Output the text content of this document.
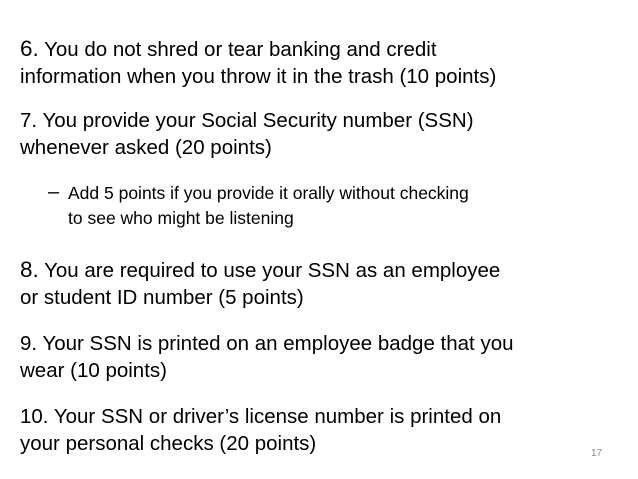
6. You do not shred or tear banking and credit
information when you throw it in the trash (10 points)
7. You provide your Social Security number (SSN)
whenever asked (20 points)
– Add 5 points if you provide it orally without checking
to see who might be listening
8. You are required to use your SSN as an employee
or student ID number (5 points)
9. Your SSN is printed on an employee badge that you
wear (10 points)
10. Your SSN or driver’s license number is printed on
your personal checks (20 points)	17
